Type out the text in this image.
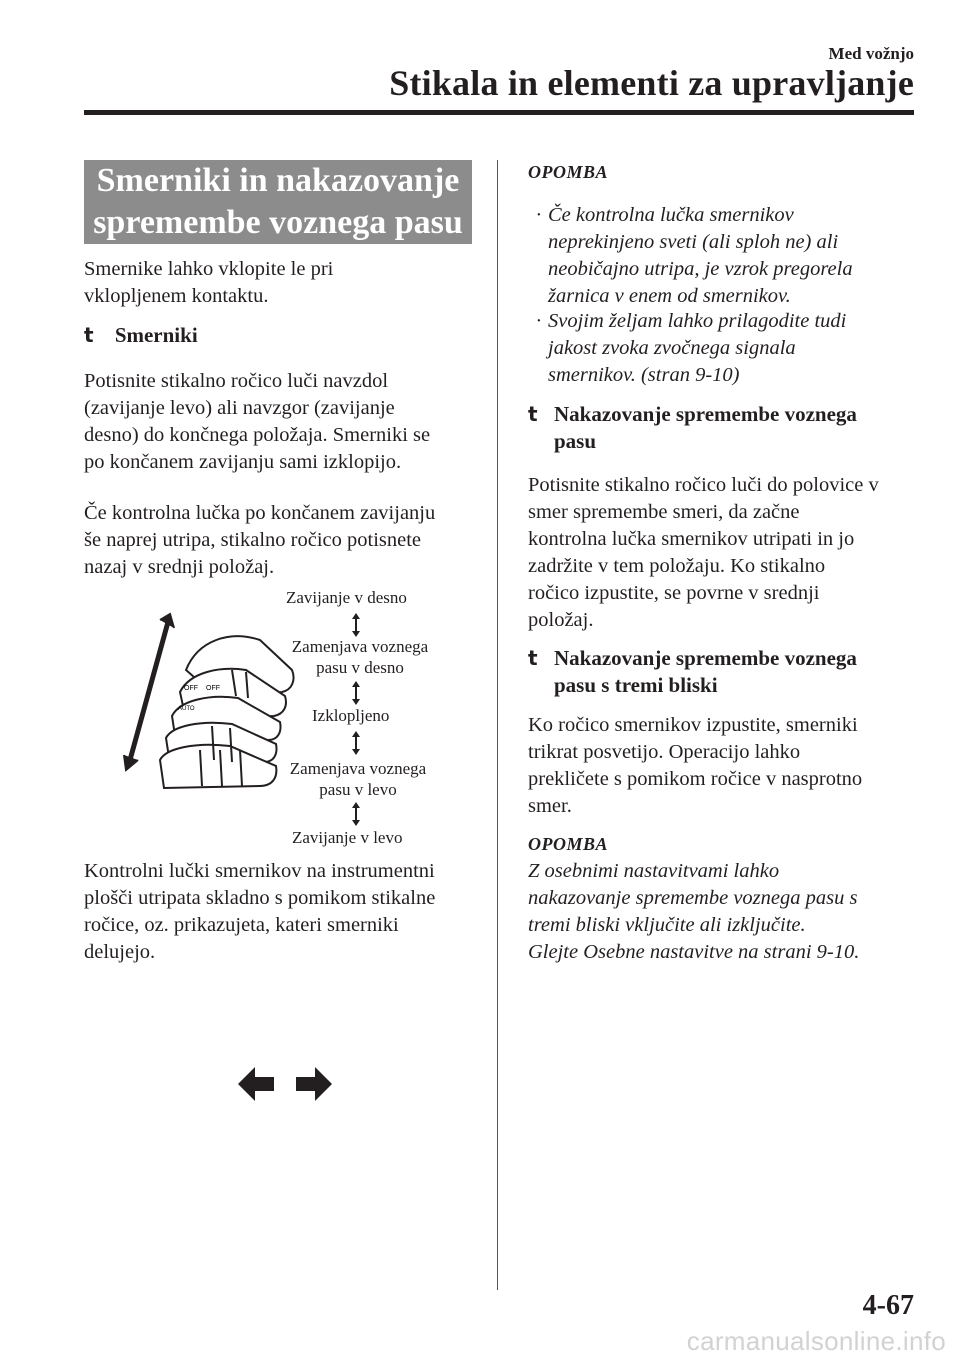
Med vožnjo
Stikala in elementi za upravljanje
Smerniki in nakazovanje
spremembe voznega pasu
Smernike lahko vklopite le pri
vklopljenem kontaktu.
t Smerniki
Potisnite stikalno ročico luči navzdol
(zavijanje levo) ali navzgor (zavijanje
desno) do končnega položaja. Smerniki se
po končanem zavijanju sami izklopijo.
Če kontrolna lučka po končanem zavijanju
še naprej utripa, stikalno ročico potisnete
nazaj v srednji položaj.
OFF
AUTO
OFF
Zavijanje v desno
Zamenjava voznega
pasu v desno
Izklopljeno
Zamenjava voznega
pasu v levo
Zavijanje v levo
Kontrolni lučki smernikov na instrumentni
plošči utripata skladno s pomikom stikalne
ročice, oz. prikazujeta, kateri smerniki
delujejo.
OPOMBA
· Če kontrolna lučka smernikov
neprekinjeno sveti (ali sploh ne) ali
neobičajno utripa, je vzrok pregorela
žarnica v enem od smernikov.
· Svojim željam lahko prilagodite tudi
jakost zvoka zvočnega signala
smernikov. (stran 9-10)
t Nakazovanje spremembe voznega
pasu
Potisnite stikalno ročico luči do polovice v
smer spremembe smeri, da začne
kontrolna lučka smernikov utripati in jo
zadržite v tem položaju. Ko stikalno
ročico izpustite, se povrne v srednji
položaj.
t Nakazovanje spremembe voznega
pasu s tremi bliski
Ko ročico smernikov izpustite, smerniki
trikrat posvetijo. Operacijo lahko
prekličete s pomikom ročice v nasprotno
smer.
OPOMBA
Z osebnimi nastavitvami lahko
nakazovanje spremembe voznega pasu s
tremi bliski vključite ali izključite.
Glejte Osebne nastavitve na strani 9-10.
4-67
carmanualsonline.info
